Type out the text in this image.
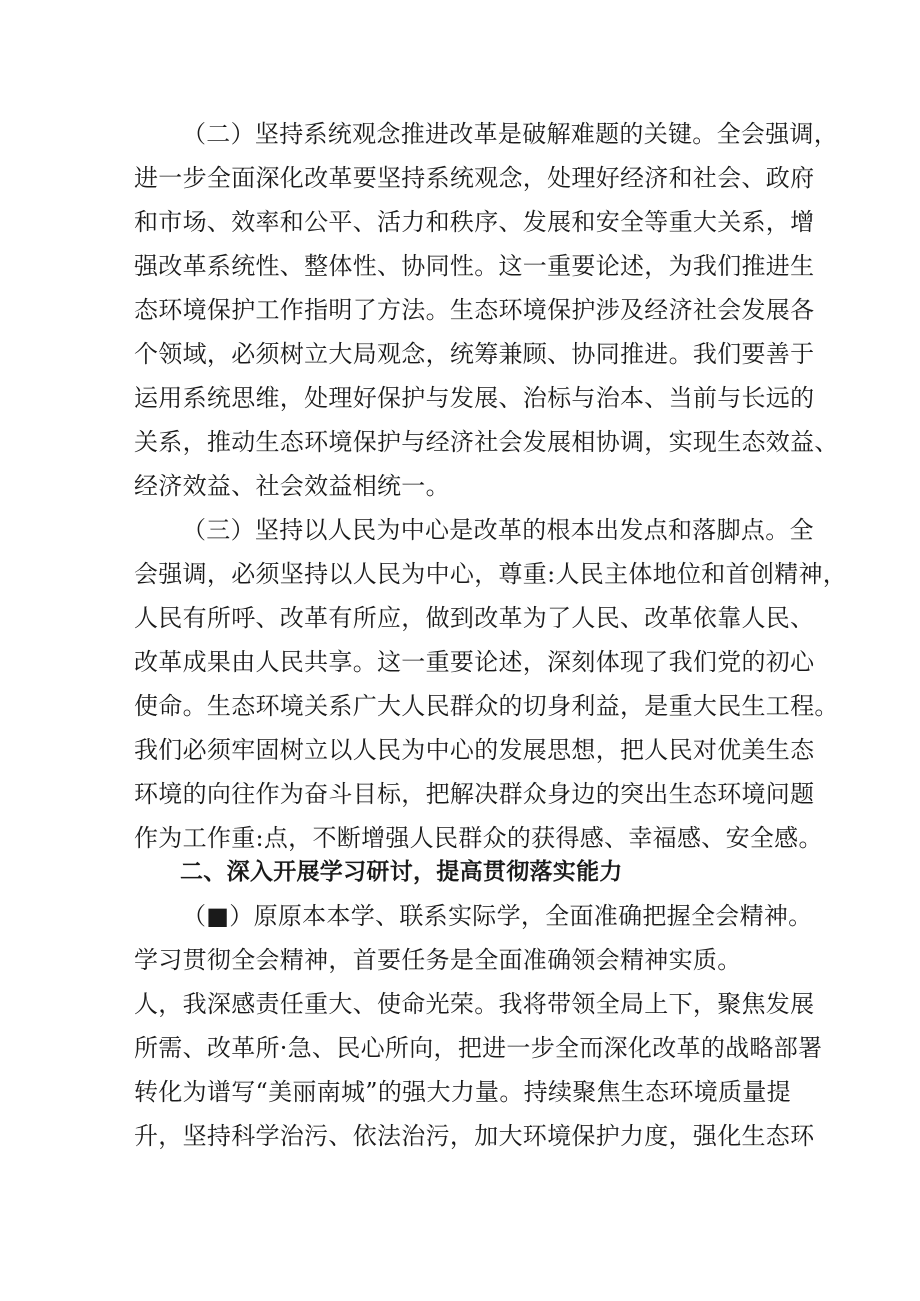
（二）坚持系统观念推进改革是破解难题的关键。全会强调，
进一步全面深化改革要坚持系统观念，处理好经济和社会、政府
和市场、效率和公平、活力和秩序、发展和安全等重大关系，增
强改革系统性、整体性、协同性。这一重要论述，为我们推进生
态环境保护工作指明了方法。生态环境保护涉及经济社会发展各
个领域，必须树立大局观念，统筹兼顾、协同推进。我们要善于
运用系统思维，处理好保护与发展、治标与治本、当前与长远的
关系，推动生态环境保护与经济社会发展相协调，实现生态效益、
经济效益、社会效益相统一。
（三）坚持以人民为中心是改革的根本出发点和落脚点。全
会强调，必须坚持以人民为中心，尊重:人民主体地位和首创精神，
人民有所呼、改革有所应，做到改革为了人民、改革依靠人民、
改革成果由人民共享。这一重要论述，深刻体现了我们党的初心
使命。生态环境关系广大人民群众的切身利益，是重大民生工程。
我们必须牢固树立以人民为中心的发展思想，把人民对优美生态
环境的向往作为奋斗目标，把解决群众身边的突出生态环境问题
作为工作重:点，不断增强人民群众的获得感、幸福感、安全感。
二、深入开展学习研讨，提高贯彻落实能力
（■）原原本本学、联系实际学，全面准确把握全会精神。
学习贯彻全会精神，首要任务是全面准确领会精神实质。
人，我深感责任重大、使命光荣。我将带领全局上下，聚焦发展
所需、改革所·急、民心所向，把进一步全而深化改革的战略部署
转化为谱写“美丽南城”的强大力量。持续聚焦生态环境质量提
升，坚持科学治污、依法治污，加大环境保护力度，强化生态环
